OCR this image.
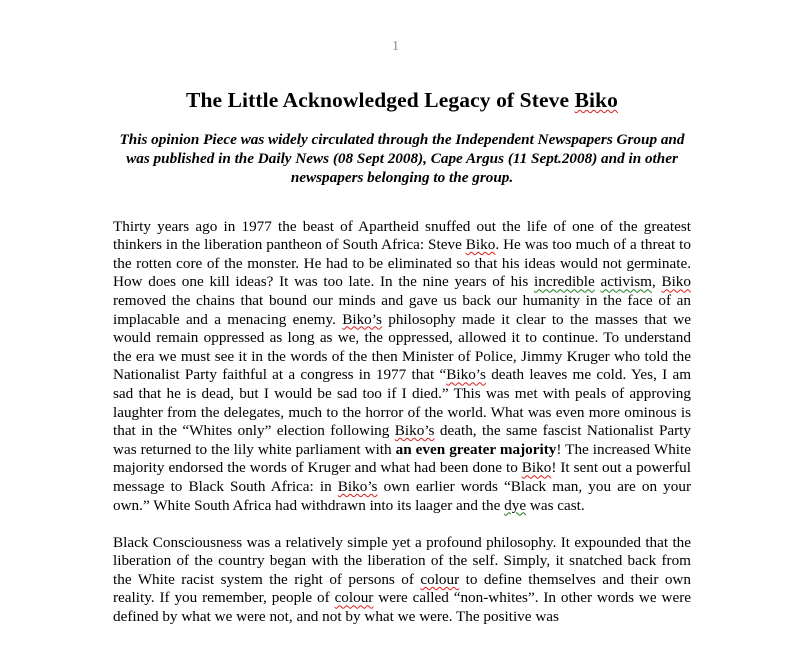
1
The Little Acknowledged Legacy of Steve Biko

This opinion Piece was widely circulated through the Independent Newspapers Group and was published in the Daily News (08 Sept 2008), Cape Argus (11 Sept.2008) and in other newspapers belonging to the group.

Thirty years ago in 1977 the beast of Apartheid snuffed out the life of one of the greatest thinkers in the liberation pantheon of South Africa: Steve Biko. He was too much of a threat to the rotten core of the monster. He had to be eliminated so that his ideas would not germinate. How does one kill ideas? It was too late. In the nine years of his incredible activism, Biko removed the chains that bound our minds and gave us back our humanity in the face of an implacable and a menacing enemy. Biko’s philosophy made it clear to the masses that we would remain oppressed as long as we, the oppressed, allowed it to continue. To understand the era we must see it in the words of the then Minister of Police, Jimmy Kruger who told the Nationalist Party faithful at a congress in 1977 that “Biko’s death leaves me cold. Yes, I am sad that he is dead, but I would be sad too if I died.” This was met with peals of approving laughter from the delegates, much to the horror of the world. What was even more ominous is that in the “Whites only” election following Biko’s death, the same fascist Nationalist Party was returned to the lily white parliament with an even greater majority! The increased White majority endorsed the words of Kruger and what had been done to Biko! It sent out a powerful message to Black South Africa: in Biko’s own earlier words “Black man, you are on your own.” White South Africa had withdrawn into its laager and the dye was cast.

Black Consciousness was a relatively simple yet a profound philosophy. It expounded that the liberation of the country began with the liberation of the self. Simply, it snatched back from the White racist system the right of persons of colour to define themselves and their own reality. If you remember, people of colour were called “non-whites”. In other words we were defined by what we were not, and not by what we were. The positive was
